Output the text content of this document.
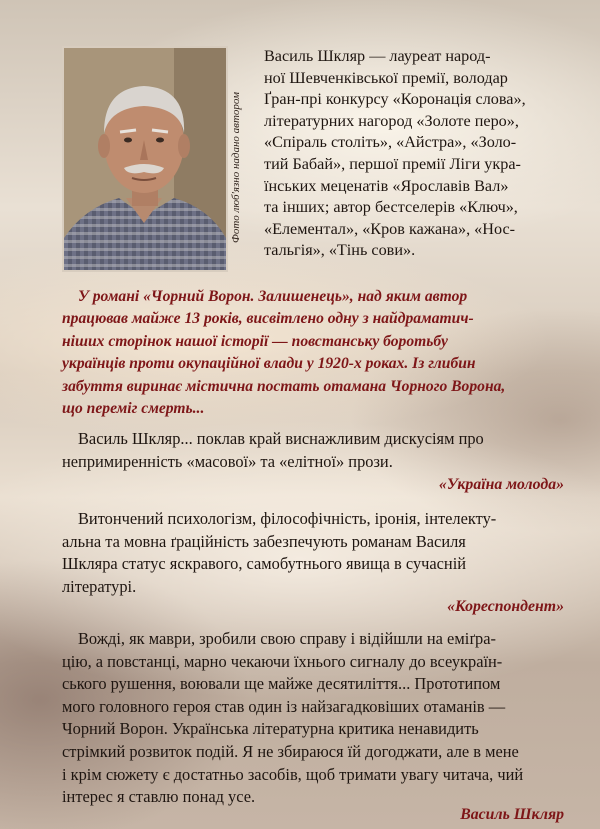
Фото люб'язно надано автором
Василь Шкляр — лауреат народ-
ної Шевченківської премії, володар
Ґран-прі конкурсу «Коронація слова»,
літературних нагород «Золоте перо»,
«Спіраль століть», «Айстра», «Золо-
тий Бабай», першої премії Ліги укра-
їнських меценатів «Ярославів Вал»
та інших; автор бестселерів «Ключ»,
«Елементал», «Кров кажана», «Нос-
тальгія», «Тінь сови».
У романі «Чорний Ворон. Залишенець», над яким автор
працював майже 13 років, висвітлено одну з найдраматич-
ніших сторінок нашої історії — повстанську боротьбу
українців проти окупаційної влади у 1920-х роках. Із глибин
забуття виринає містична постать отамана Чорного Ворона,
що переміг смерть...
Василь Шкляр... поклав край виснажливим дискусіям про
непримиренність «масової» та «елітної» прози.
«Україна молода»
Витончений психологізм, філософічність, іронія, інтелекту-
альна та мовна ґраційність забезпечують романам Василя
Шкляра статус яскравого, самобутнього явища в сучасній
літературі.
«Кореспондент»
Вожді, як маври, зробили свою справу і відійшли на еміґра-
цію, а повстанці, марно чекаючи їхнього сигналу до всеукраїн-
ського рушення, воювали ще майже десятиліття... Прототипом
мого головного героя став один із найзагадковіших отаманів —
Чорний Ворон. Українська літературна критика ненавидить
стрімкий розвиток подій. Я не збираюся їй догоджати, але в мене
і крім сюжету є достатньо засобів, щоб тримати увагу читача, чий
інтерес я ставлю понад усе.
Василь Шкляр
